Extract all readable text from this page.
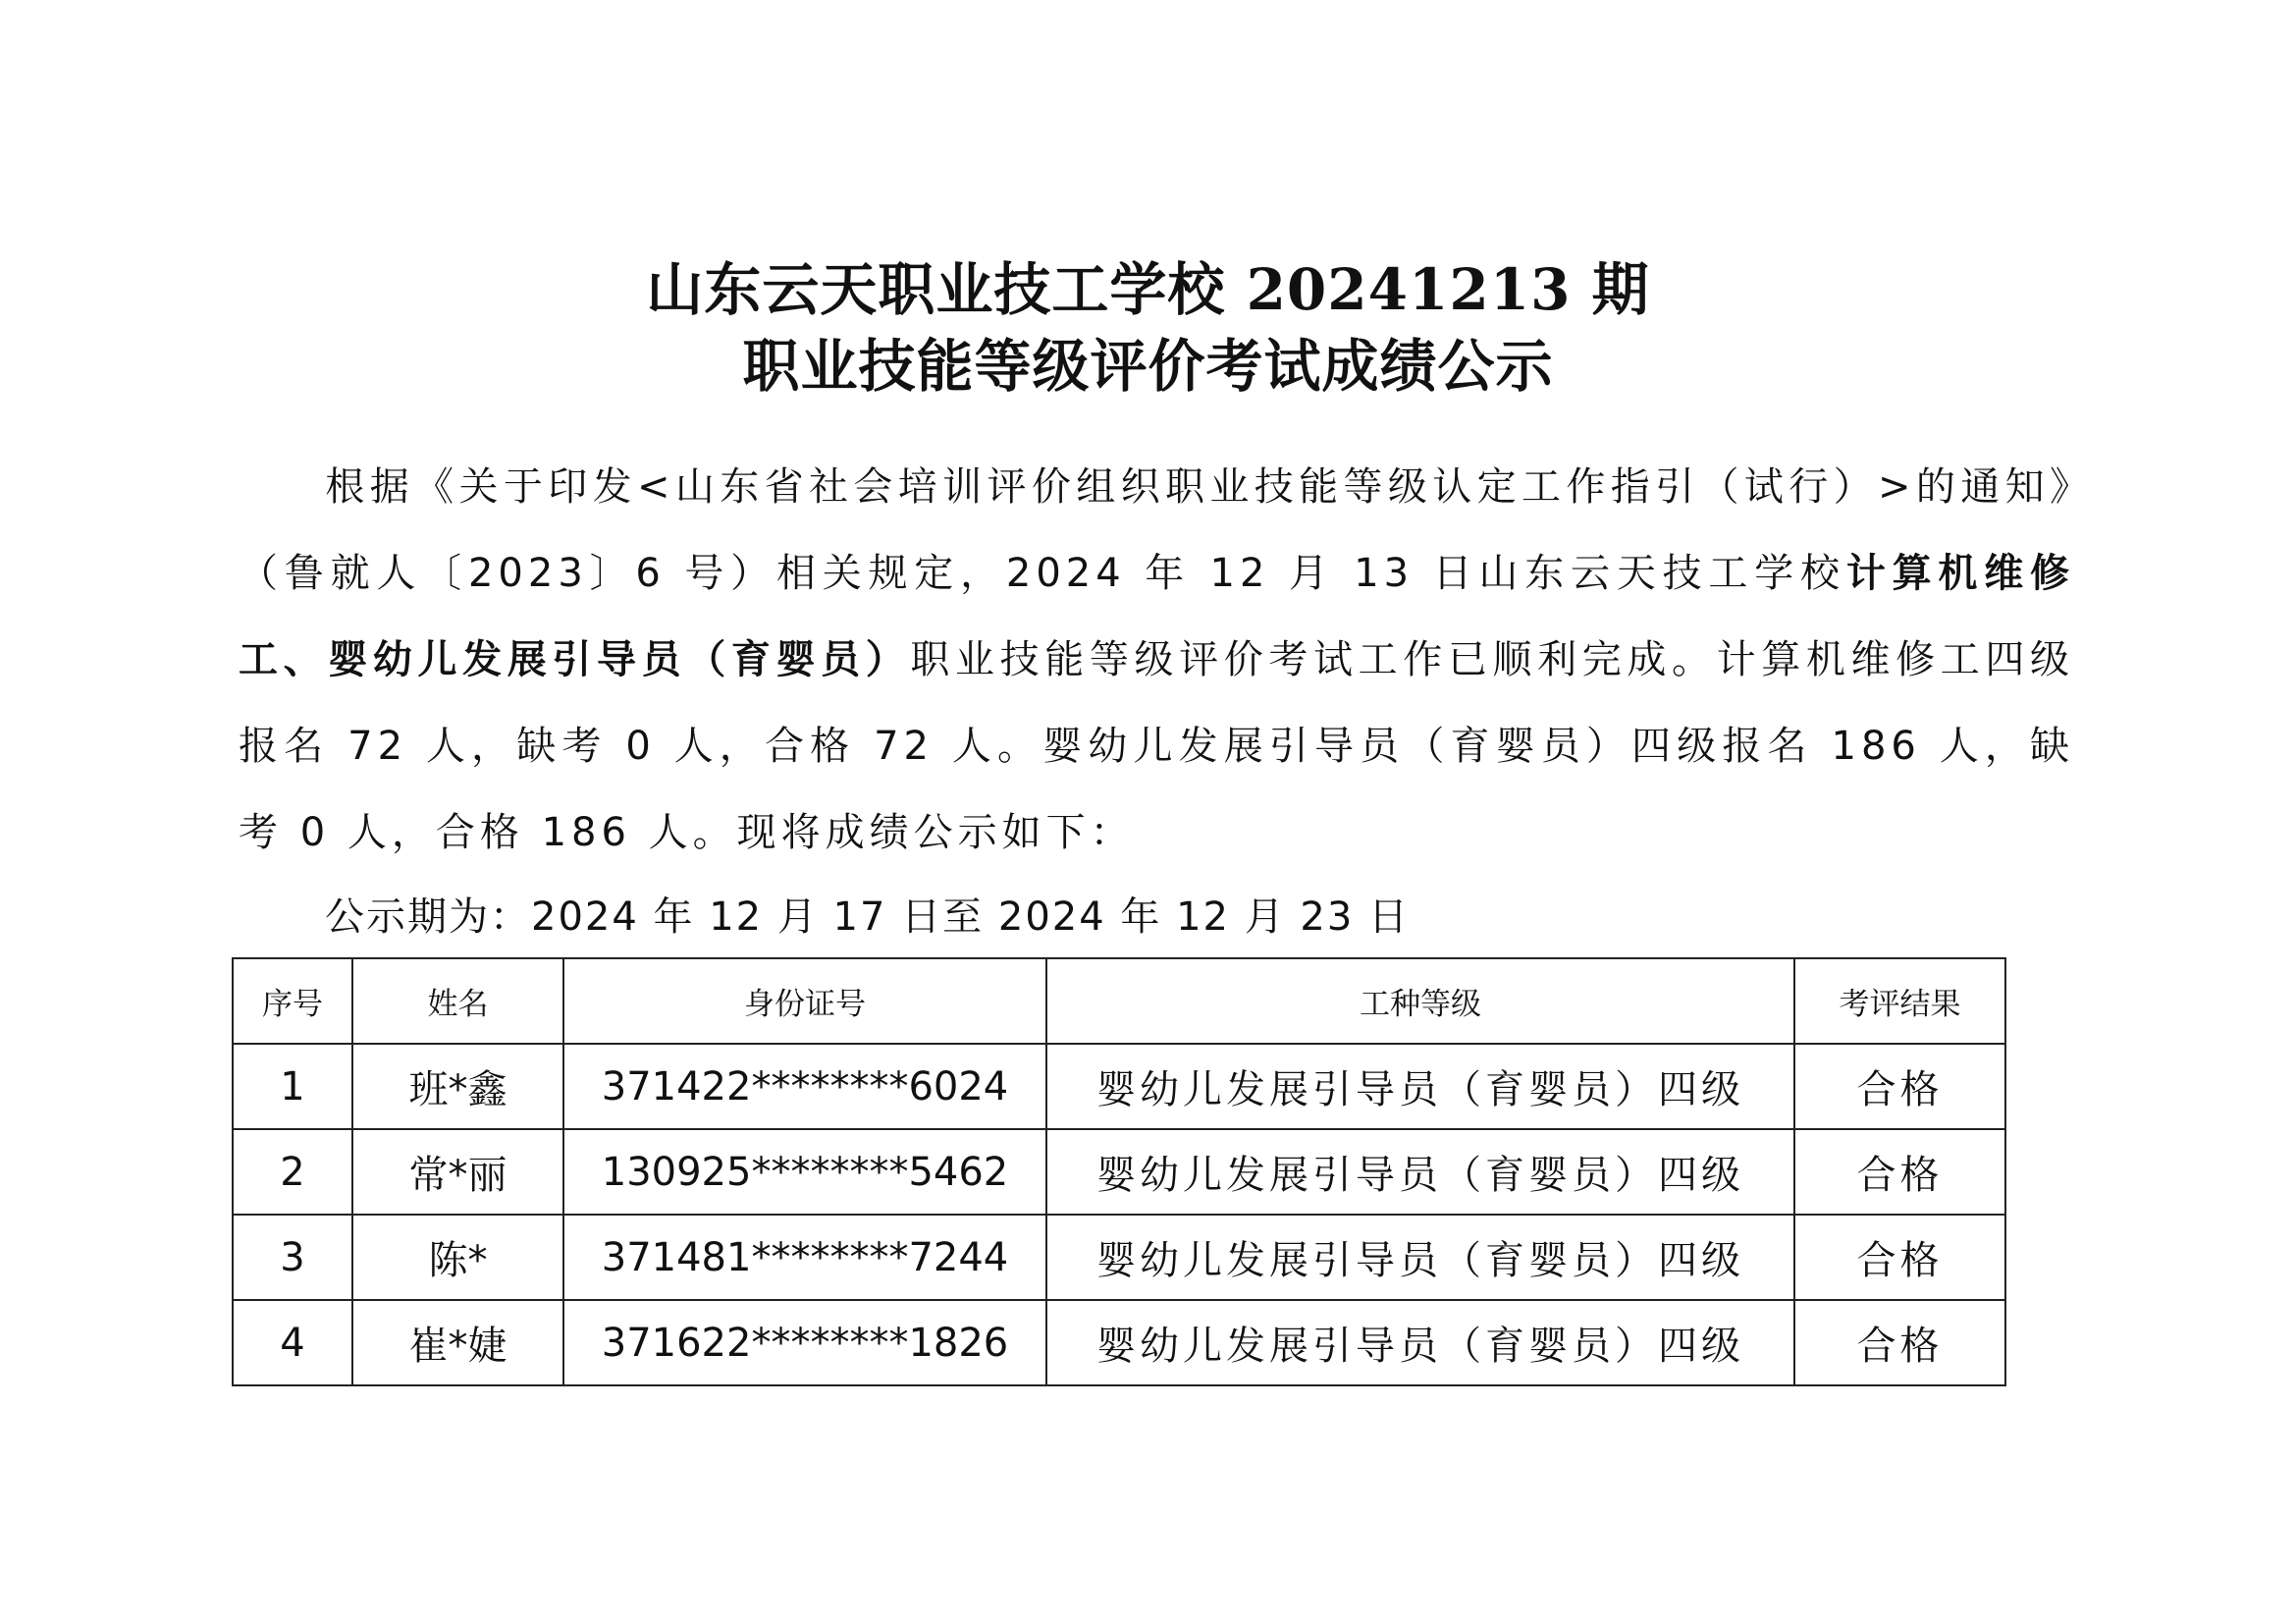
山东云天职业技工学校 20241213 期
职业技能等级评价考试成绩公示

根据《关于印发<山东省社会培训评价组织职业技能等级认定工作指引（试行）>的通知》（鲁就人〔2023〕6 号）相关规定，2024 年 12 月 13 日山东云天技工学校计算机维修工、婴幼儿发展引导员（育婴员）职业技能等级评价考试工作已顺利完成。计算机维修工四级报名 72 人，缺考 0 人，合格 72 人。婴幼儿发展引导员（育婴员）四级报名 186 人，缺考 0 人，合格 186 人。现将成绩公示如下：

公示期为：2024 年 12 月 17 日至 2024 年 12 月 23 日

序号	姓名	身份证号	工种等级	考评结果
1	班*鑫	371422********6024	婴幼儿发展引导员（育婴员）四级	合格
2	常*丽	130925********5462	婴幼儿发展引导员（育婴员）四级	合格
3	陈*	371481********7244	婴幼儿发展引导员（育婴员）四级	合格
4	崔*婕	371622********1826	婴幼儿发展引导员（育婴员）四级	合格
